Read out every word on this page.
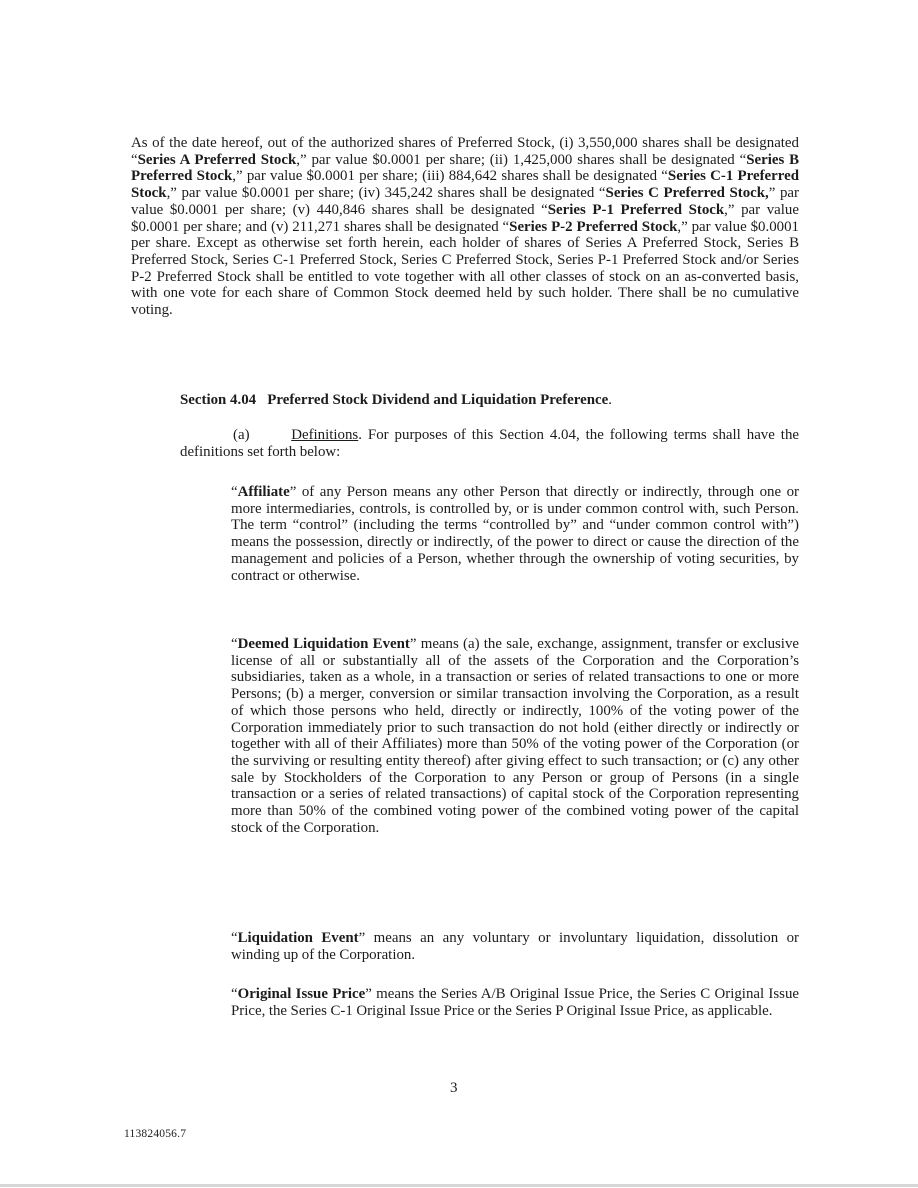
As of the date hereof, out of the authorized shares of Preferred Stock, (i) 3,550,000 shares shall be designated “Series A Preferred Stock,” par value $0.0001 per share; (ii) 1,425,000 shares shall be designated “Series B Preferred Stock,” par value $0.0001 per share; (iii) 884,642 shares shall be designated “Series C-1 Preferred Stock,” par value $0.0001 per share; (iv) 345,242 shares shall be designated “Series C Preferred Stock,” par value $0.0001 per share; (v) 440,846 shares shall be designated “Series P-1 Preferred Stock,” par value $0.0001 per share; and (v) 211,271 shares shall be designated “Series P-2 Preferred Stock,” par value $0.0001 per share. Except as otherwise set forth herein, each holder of shares of Series A Preferred Stock, Series B Preferred Stock, Series C-1 Preferred Stock, Series C Preferred Stock, Series P-1 Preferred Stock and/or Series P-2 Preferred Stock shall be entitled to vote together with all other classes of stock on an as-converted basis, with one vote for each share of Common Stock deemed held by such holder. There shall be no cumulative voting.

Section 4.04   Preferred Stock Dividend and Liquidation Preference.

(a)       Definitions. For purposes of this Section 4.04, the following terms shall have the definitions set forth below:

“Affiliate” of any Person means any other Person that directly or indirectly, through one or more intermediaries, controls, is controlled by, or is under common control with, such Person. The term “control” (including the terms “controlled by” and “under common control with”) means the possession, directly or indirectly, of the power to direct or cause the direction of the management and policies of a Person, whether through the ownership of voting securities, by contract or otherwise.

“Deemed Liquidation Event” means (a) the sale, exchange, assignment, transfer or exclusive license of all or substantially all of the assets of the Corporation and the Corporation’s subsidiaries, taken as a whole, in a transaction or series of related transactions to one or more Persons; (b) a merger, conversion or similar transaction involving the Corporation, as a result of which those persons who held, directly or indirectly, 100% of the voting power of the Corporation immediately prior to such transaction do not hold (either directly or indirectly or together with all of their Affiliates) more than 50% of the voting power of the Corporation (or the surviving or resulting entity thereof) after giving effect to such transaction; or (c) any other sale by Stockholders of the Corporation to any Person or group of Persons (in a single transaction or a series of related transactions) of capital stock of the Corporation representing more than 50% of the combined voting power of the combined voting power of the capital stock of the Corporation.

“Liquidation Event” means an any voluntary or involuntary liquidation, dissolution or winding up of the Corporation.

“Original Issue Price” means the Series A/B Original Issue Price, the Series C Original Issue Price, the Series C-1 Original Issue Price or the Series P Original Issue Price, as applicable.

3

113824056.7
